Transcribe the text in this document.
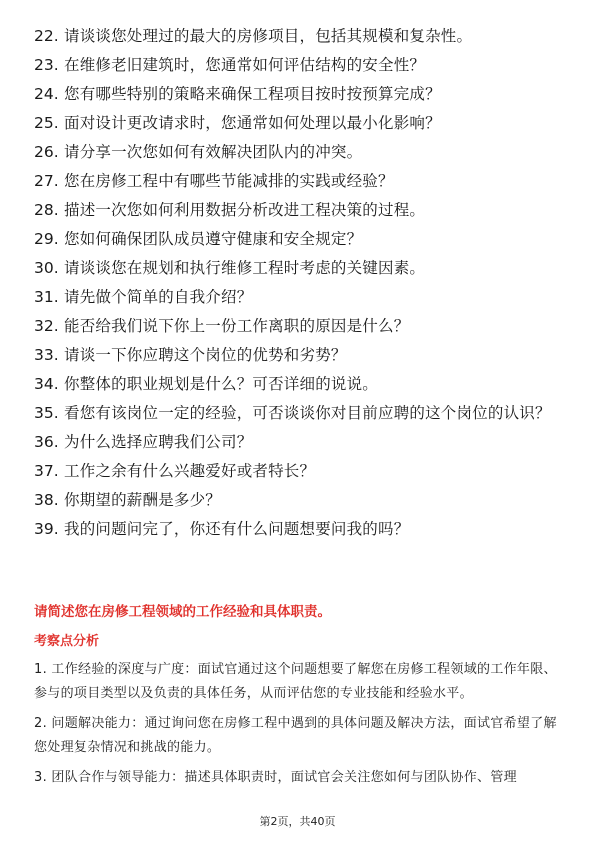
22. 请谈谈您处理过的最大的房修项目，包括其规模和复杂性。
23. 在维修老旧建筑时，您通常如何评估结构的安全性？
24. 您有哪些特别的策略来确保工程项目按时按预算完成？
25. 面对设计更改请求时，您通常如何处理以最小化影响？
26. 请分享一次您如何有效解决团队内的冲突。
27. 您在房修工程中有哪些节能减排的实践或经验？
28. 描述一次您如何利用数据分析改进工程决策的过程。
29. 您如何确保团队成员遵守健康和安全规定？
30. 请谈谈您在规划和执行维修工程时考虑的关键因素。
31. 请先做个简单的自我介绍？
32. 能否给我们说下你上一份工作离职的原因是什么？
33. 请谈一下你应聘这个岗位的优势和劣势？
34. 你整体的职业规划是什么？可否详细的说说。
35. 看您有该岗位一定的经验，可否谈谈你对目前应聘的这个岗位的认识？
36. 为什么选择应聘我们公司？
37. 工作之余有什么兴趣爱好或者特长？
38. 你期望的薪酬是多少？
39. 我的问题问完了，你还有什么问题想要问我的吗？
请简述您在房修工程领域的工作经验和具体职责。
考察点分析
1. 工作经验的深度与广度：面试官通过这个问题想要了解您在房修工程领域的工作年限、参与的项目类型以及负责的具体任务，从而评估您的专业技能和经验水平。
2. 问题解决能力：通过询问您在房修工程中遇到的具体问题及解决方法，面试官希望了解您处理复杂情况和挑战的能力。
3. 团队合作与领导能力：描述具体职责时，面试官会关注您如何与团队协作、管理
第2页，共40页
